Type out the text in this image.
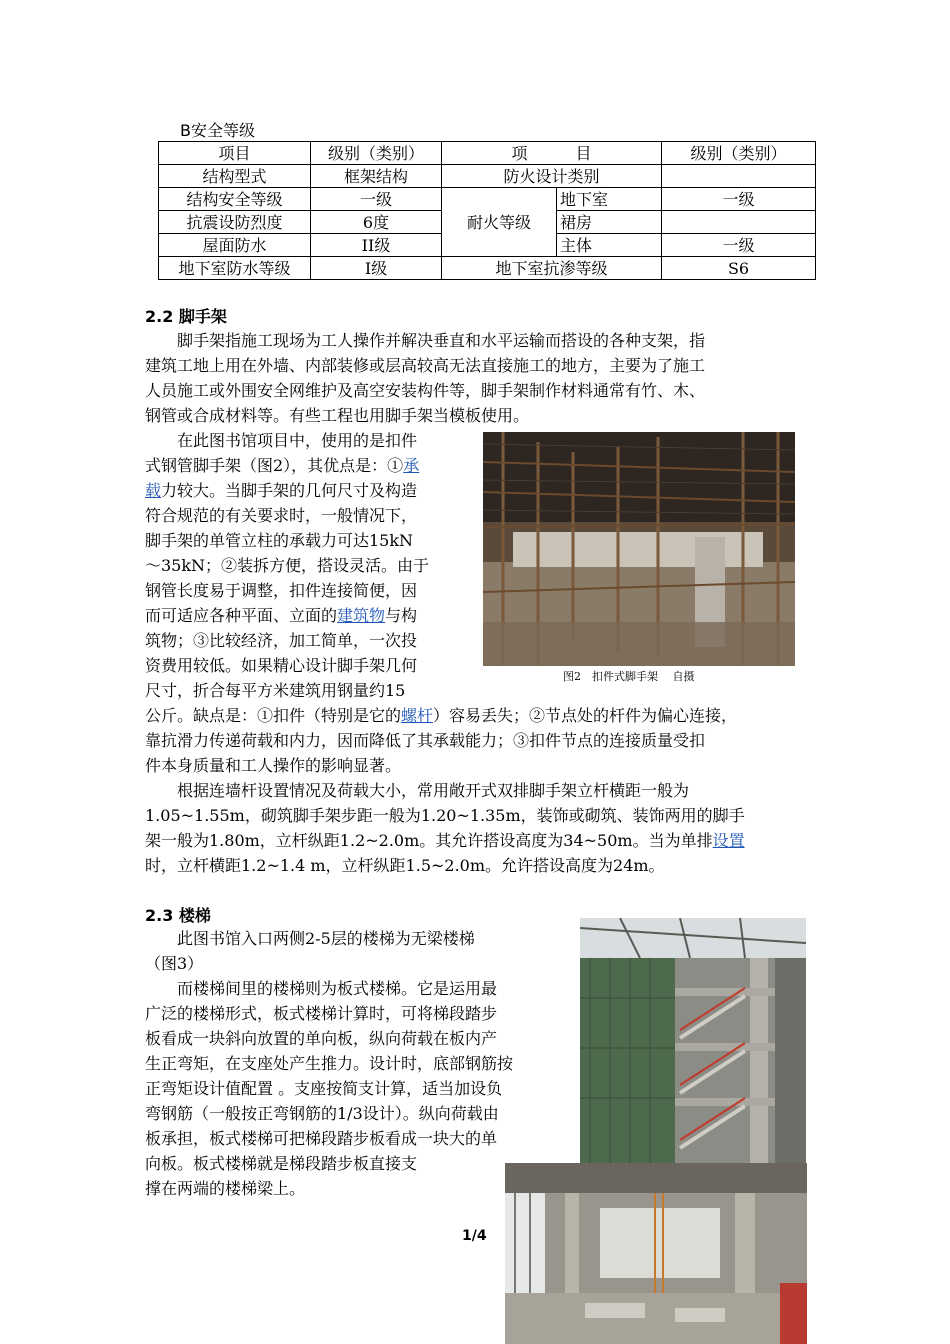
B安全等级
项目	级别（类别）	项　　　目		级别（类别）
结构型式	框架结构	防火设计类别		
结构安全等级	一级	耐火等级	地下室	一级
抗震设防烈度	6度		裙房	
屋面防水	II级		主体	一级
地下室防水等级	I级	地下室抗渗等级		S6
2.2 脚手架
　　脚手架指施工现场为工人操作并解决垂直和水平运输而搭设的各种支架，指
建筑工地上用在外墙、内部装修或层高较高无法直接施工的地方，主要为了施工
人员施工或外围安全网维护及高空安装构件等，脚手架制作材料通常有竹、木、
钢管或合成材料等。有些工程也用脚手架当模板使用。
　　在此图书馆项目中，使用的是扣件
式钢管脚手架（图2），其优点是：①承
载力较大。当脚手架的几何尺寸及构造
符合规范的有关要求时，一般情况下，
脚手架的单管立柱的承载力可达15kN
～35kN；②装拆方便，搭设灵活。由于
钢管长度易于调整，扣件连接简便，因
而可适应各种平面、立面的建筑物与构
筑物；③比较经济，加工简单，一次投
资费用较低。如果精心设计脚手架几何
尺寸，折合每平方米建筑用钢量约15
公斤。缺点是：①扣件（特别是它的螺杆）容易丢失；②节点处的杆件为偏心连接，
靠抗滑力传递荷载和内力，因而降低了其承载能力；③扣件节点的连接质量受扣
件本身质量和工人操作的影响显著。
图2　扣件式脚手架　 自摄
　　根据连墙杆设置情况及荷载大小，常用敞开式双排脚手架立杆横距一般为
1.05~1.55m，砌筑脚手架步距一般为1.20~1.35m，装饰或砌筑、装饰两用的脚手
架一般为1.80m，立杆纵距1.2~2.0m。其允许搭设高度为34~50m。当为单排设置
时，立杆横距1.2~1.4 m，立杆纵距1.5~2.0m。允许搭设高度为24m。
2.3 楼梯
　　此图书馆入口两侧2-5层的楼梯为无梁楼梯
（图3）
　　而楼梯间里的楼梯则为板式楼梯。它是运用最
广泛的楼梯形式，板式楼梯计算时，可将梯段踏步
板看成一块斜向放置的单向板，纵向荷载在板内产
生正弯矩，在支座处产生推力。设计时，底部钢筋按
正弯矩设计值配置 。支座按简支计算，适当加设负
弯钢筋（一般按正弯钢筋的1/3设计）。纵向荷载由
板承担，板式楼梯可把梯段踏步板看成一块大的单
向板。板式楼梯就是梯段踏步板直接支
撑在两端的楼梯梁上。
1/4
